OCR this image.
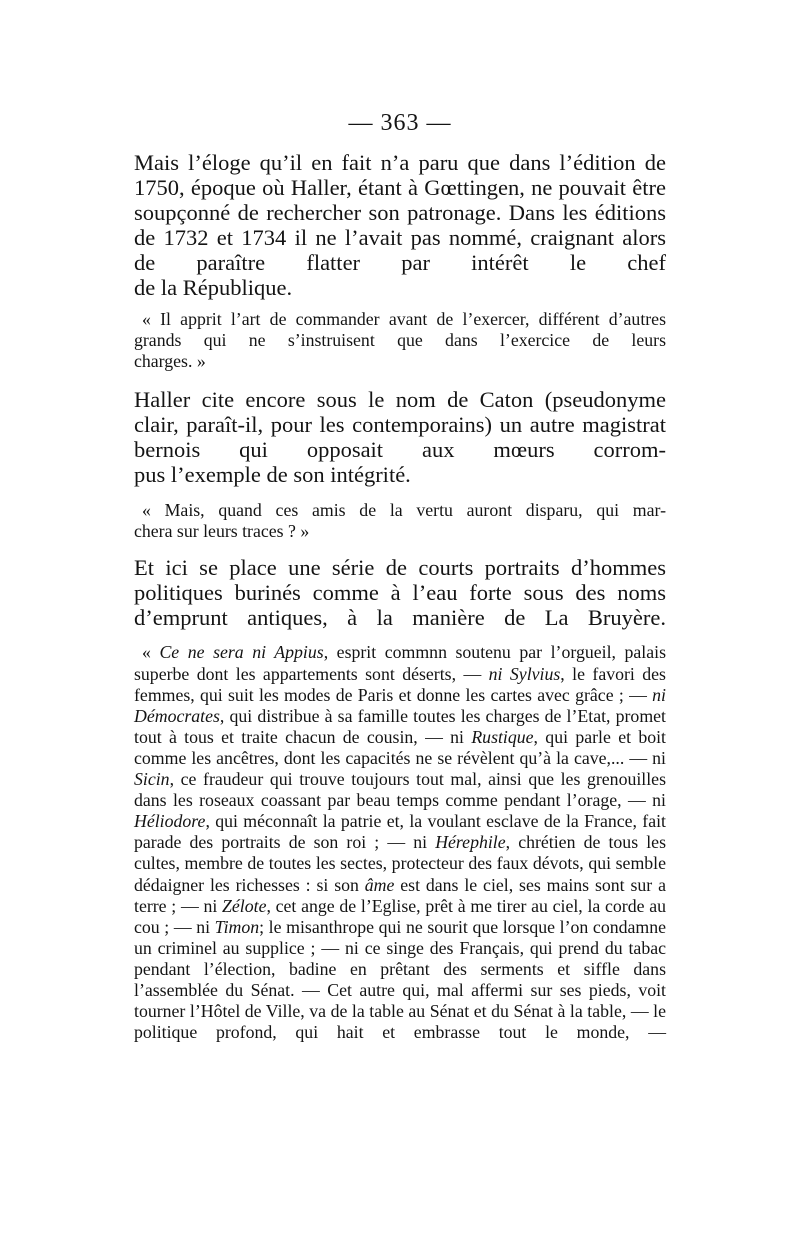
— 363 —

Mais l’éloge qu’il en fait n’a paru que dans l’édition de 1750, époque où Haller, étant à Gœttingen, ne pouvait être soupçonné de rechercher son patronage. Dans les éditions de 1732 et 1734 il ne l’avait pas nommé, craignant alors de paraître flatter par intérêt le chef
de la République.

« Il apprit l’art de commander avant de l’exercer, différent d’autres grands qui ne s’instruisent que dans l’exercice de leurs
charges. »

Haller cite encore sous le nom de Caton (pseudonyme clair, paraît-il, pour les contemporains) un autre magistrat bernois qui opposait aux mœurs corrom-
pus l’exemple de son intégrité.

« Mais, quand ces amis de la vertu auront disparu, qui mar-
chera sur leurs traces ? »

Et ici se place une série de courts portraits d’hommes politiques burinés comme à l’eau forte sous des noms d’emprunt antiques, à la manière de La Bruyère.

« Ce ne sera ni Appius, esprit commnn soutenu par l’orgueil, palais superbe dont les appartements sont déserts, — ni Sylvius, le favori des femmes, qui suit les modes de Paris et donne les cartes avec grâce ; — ni Démocrates, qui distribue à sa famille toutes les charges de l’Etat, promet tout à tous et traite chacun de cousin, — ni Rustique, qui parle et boit comme les ancêtres, dont les capacités ne se révèlent qu’à la cave,... — ni Sicin, ce fraudeur qui trouve toujours tout mal, ainsi que les grenouilles dans les roseaux coassant par beau temps comme pendant l’orage, — ni Héliodore, qui méconnaît la patrie et, la voulant esclave de la France, fait parade des portraits de son roi ; — ni Hérephile, chrétien de tous les cultes, membre de toutes les sectes, protecteur des faux dévots, qui semble dédaigner les richesses : si son âme est dans le ciel, ses mains sont sur a terre ; — ni Zélote, cet ange de l’Eglise, prêt à me tirer au ciel, la corde au cou ; — ni Timon; le misanthrope qui ne sourit que lorsque l’on condamne un criminel au supplice ; — ni ce singe des Français, qui prend du tabac pendant l’élection, badine en prêtant des serments et siffle dans l’assemblée du Sénat. — Cet autre qui, mal affermi sur ses pieds, voit tourner l’Hôtel de Ville, va de la table au Sénat et du Sénat à la table, — le politique profond, qui hait et embrasse tout le monde, —
